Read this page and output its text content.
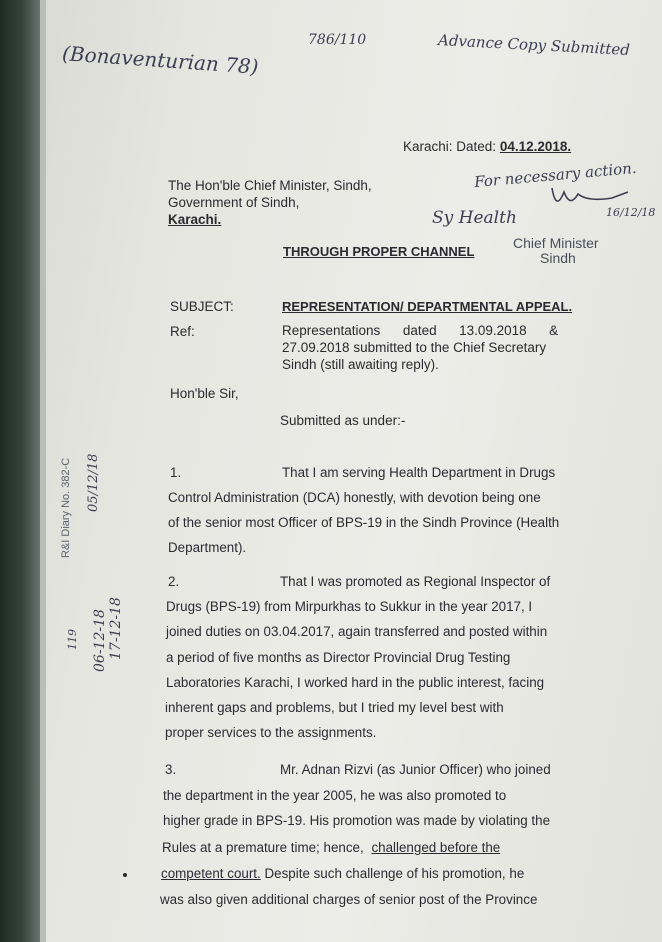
(Bonaventurian 78)
786/110	Advance Copy Submitted
For necessary action.
16/12/18
Sy Health
Karachi: Dated: 04.12.2018.
The Hon'ble Chief Minister, Sindh,
Government of Sindh,
Karachi.
Chief Minister
Sindh
THROUGH PROPER CHANNEL
SUBJECT:	REPRESENTATION/ DEPARTMENTAL APPEAL.
Ref:	Representations      dated      13.09.2018      &
27.09.2018 submitted to the Chief Secretary
Sindh (still awaiting reply).
Hon'ble Sir,
Submitted as under:-
R&I Diary No. 382-C 05/12/18
119 06-12-18 17-12-18
1.	That I am serving Health Department in Drugs
Control Administration (DCA) honestly, with devotion being one
of the senior most Officer of BPS-19 in the Sindh Province (Health
Department).
2.	That I was promoted as Regional Inspector of
Drugs (BPS-19) from Mirpurkhas to Sukkur in the year 2017, I
joined duties on 03.04.2017, again transferred and posted within
a period of five months as Director Provincial Drug Testing
Laboratories Karachi, I worked hard in the public interest, facing
inherent gaps and problems, but I tried my level best with
proper services to the assignments.
3.	Mr. Adnan Rizvi (as Junior Officer) who joined
the department in the year 2005, he was also promoted to
higher grade in BPS-19. His promotion was made by violating the
Rules at a premature time; hence, challenged before the
competent court. Despite such challenge of his promotion, he
was also given additional charges of senior post of the Province
